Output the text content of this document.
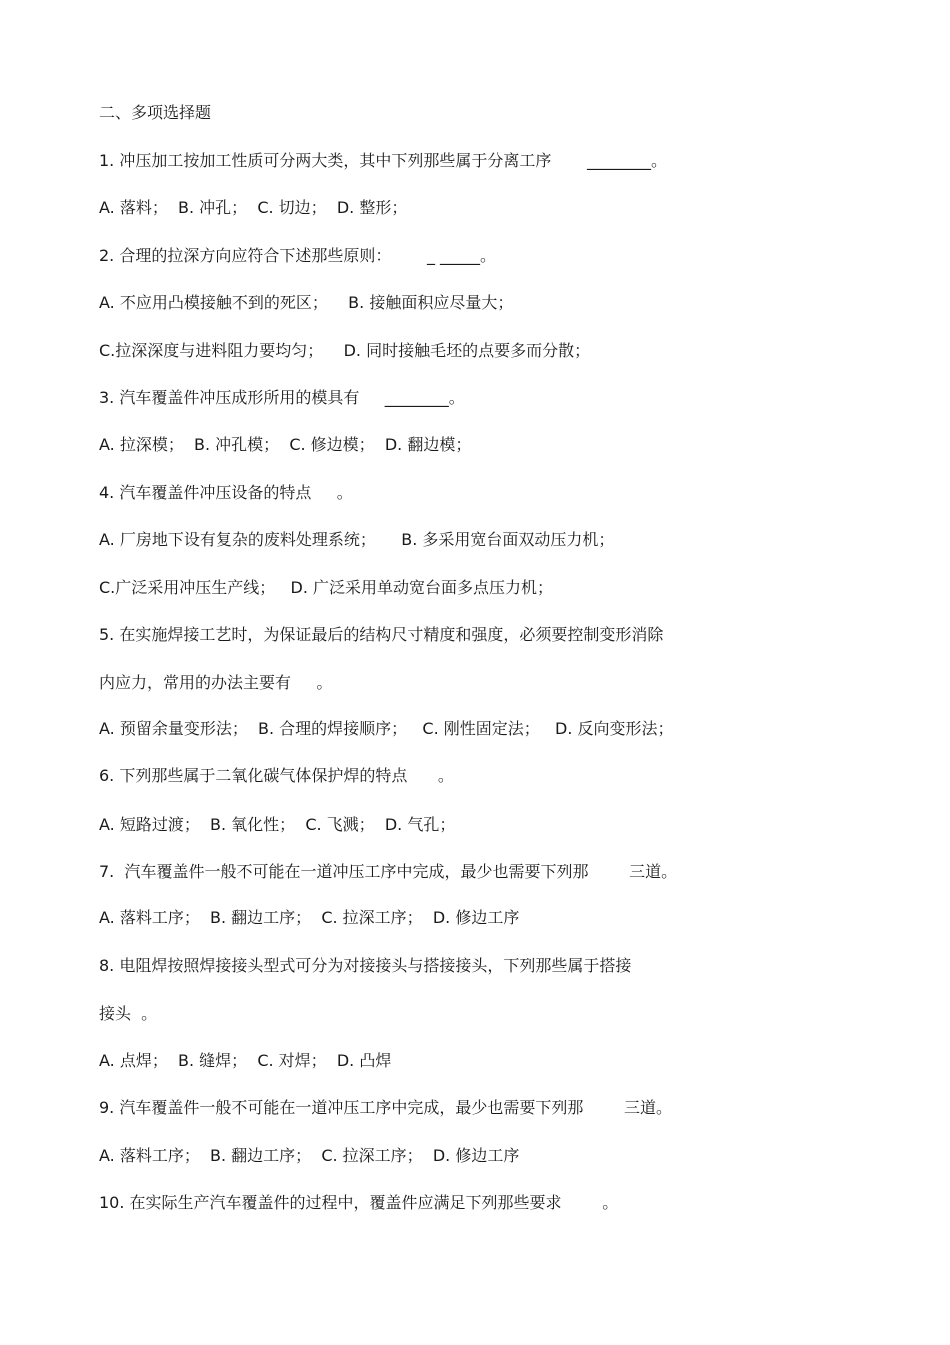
二、多项选择题
1. 冲压加工按加工性质可分两大类，其中下列那些属于分离工序       ________。
A. 落料；  B. 冲孔；  C. 切边；  D. 整形；
2. 合理的拉深方向应符合下述那些原则：       _ _____。
A. 不应用凸模接触不到的死区；    B. 接触面积应尽量大；
C.拉深深度与进料阻力要均匀；    D. 同时接触毛坯的点要多而分散；
3. 汽车覆盖件冲压成形所用的模具有     ________。
A. 拉深模；  B. 冲孔模；  C. 修边模；  D. 翻边模；
4. 汽车覆盖件冲压设备的特点     。
A. 厂房地下设有复杂的废料处理系统；     B. 多采用宽台面双动压力机；
C.广泛采用冲压生产线；   D. 广泛采用单动宽台面多点压力机；
5. 在实施焊接工艺时，为保证最后的结构尺寸精度和强度，必须要控制变形消除
内应力，常用的办法主要有     。
A. 预留余量变形法；  B. 合理的焊接顺序；   C. 刚性固定法；   D. 反向变形法；
6. 下列那些属于二氧化碳气体保护焊的特点      。
A. 短路过渡；  B. 氧化性；  C. 飞溅；  D. 气孔；
7.  汽车覆盖件一般不可能在一道冲压工序中完成，最少也需要下列那        三道。
A. 落料工序；  B. 翻边工序；  C. 拉深工序；  D. 修边工序
8. 电阻焊按照焊接接头型式可分为对接接头与搭接接头，下列那些属于搭接
接头  。
A. 点焊；  B. 缝焊；  C. 对焊；  D. 凸焊
9. 汽车覆盖件一般不可能在一道冲压工序中完成，最少也需要下列那        三道。
A. 落料工序；  B. 翻边工序；  C. 拉深工序；  D. 修边工序
10. 在实际生产汽车覆盖件的过程中，覆盖件应满足下列那些要求        。
